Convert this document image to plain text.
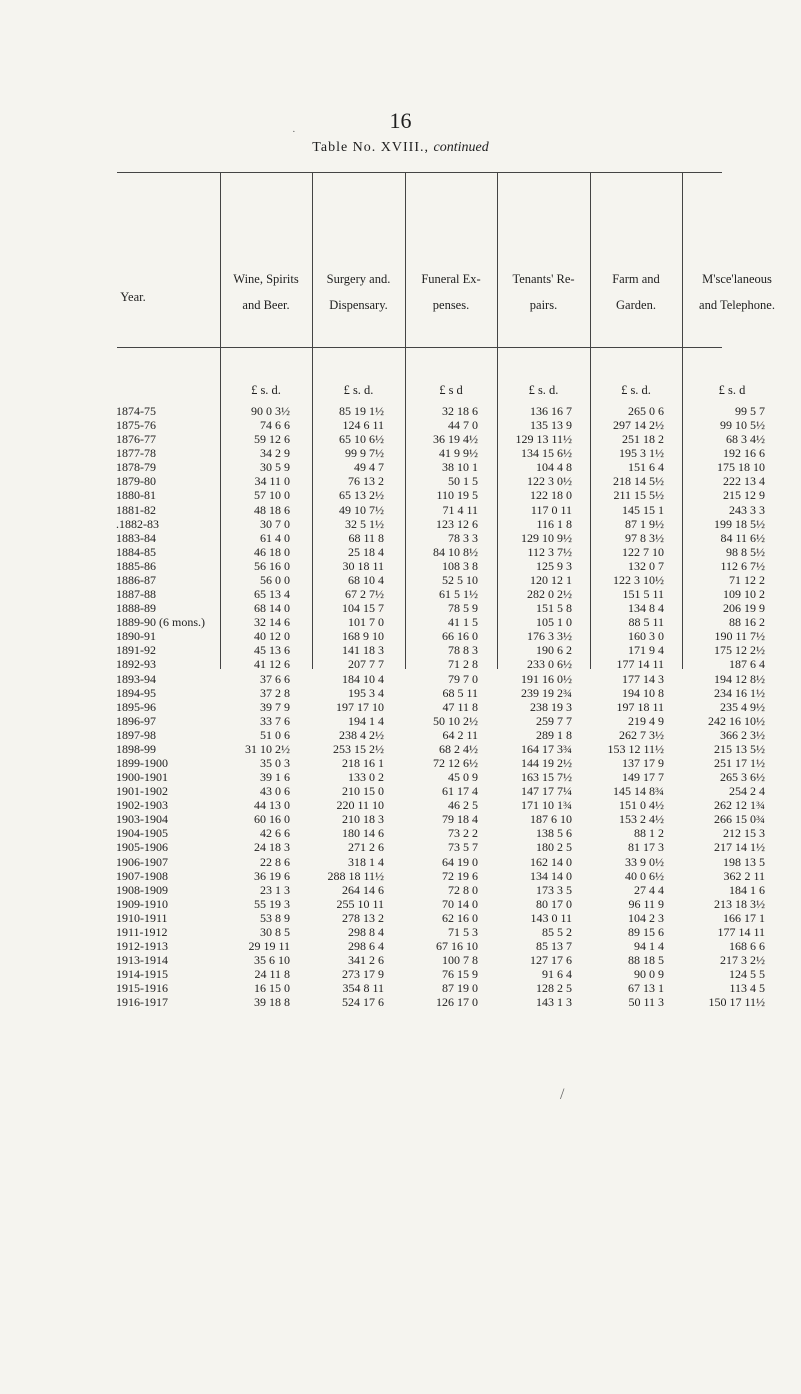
16
Table No. XVIII., continued
Year.
Wine, Spirits
and Beer.
Surgery and.
Dispensary.
Funeral Ex-
penses.
Tenants' Re-
pairs.
Farm and
Garden.
M'sce'laneous
and Telephone.
£ s. d.	£ s. d.	£ s d	£ s. d.	£ s. d.	£ s. d
1874-75	90 0 3½	85 19 1½	32 18 6	136 16 7	265 0 6	99 5 7
1875-76	74 6 6	124 6 11	44 7 0	135 13 9	297 14 2½	99 10 5½
1876-77	59 12 6	65 10 6½	36 19 4½	129 13 11½	251 18 2	68 3 4½
1877-78	34 2 9	99 9 7½	41 9 9½	134 15 6½	195 3 1½	192 16 6
1878-79	30 5 9	49 4 7	38 10 1	104 4 8	151 6 4	175 18 10
1879-80	34 11 0	76 13 2	50 1 5	122 3 0½	218 14 5½	222 13 4
1880-81	57 10 0	65 13 2½	110 19 5	122 18 0	211 15 5½	215 12 9
1881-82	48 18 6	49 10 7½	71 4 11	117 0 11	145 15 1	243 3 3
.1882-83	30 7 0	32 5 1½	123 12 6	116 1 8	87 1 9½	199 18 5½
1883-84	61 4 0	68 11 8	78 3 3	129 10 9½	97 8 3½	84 11 6½
1884-85	46 18 0	25 18 4	84 10 8½	112 3 7½	122 7 10	98 8 5½
1885-86	56 16 0	30 18 11	108 3 8	125 9 3	132 0 7	112 6 7½
1886-87	56 0 0	68 10 4	52 5 10	120 12 1	122 3 10½	71 12 2
1887-88	65 13 4	67 2 7½	61 5 1½	282 0 2½	151 5 11	109 10 2
1888-89	68 14 0	104 15 7	78 5 9	151 5 8	134 8 4	206 19 9
1889-90 (6 mons.)	32 14 6	101 7 0	41 1 5	105 1 0	88 5 11	88 16 2
1890-91	40 12 0	168 9 10	66 16 0	176 3 3½	160 3 0	190 11 7½
1891-92	45 13 6	141 18 3	78 8 3	190 6 2	171 9 4	175 12 2½
1892-93	41 12 6	207 7 7	71 2 8	233 0 6½	177 14 11	187 6 4
1893-94	37 6 6	184 10 4	79 7 0	191 16 0½	177 14 3	194 12 8½
1894-95	37 2 8	195 3 4	68 5 11	239 19 2¾	194 10 8	234 16 1½
1895-96	39 7 9	197 17 10	47 11 8	238 19 3	197 18 11	235 4 9½
1896-97	33 7 6	194 1 4	50 10 2½	259 7 7	219 4 9	242 16 10½
1897-98	51 0 6	238 4 2½	64 2 11	289 1 8	262 7 3½	366 2 3½
1898-99	31 10 2½	253 15 2½	68 2 4½	164 17 3¾	153 12 11½	215 13 5½
1899-1900	35 0 3	218 16 1	72 12 6½	144 19 2½	137 17 9	251 17 1½
1900-1901	39 1 6	133 0 2	45 0 9	163 15 7½	149 17 7	265 3 6½
1901-1902	43 0 6	210 15 0	61 17 4	147 17 7¼	145 14 8¾	254 2 4
1902-1903	44 13 0	220 11 10	46 2 5	171 10 1¾	151 0 4½	262 12 1¾
1903-1904	60 16 0	210 18 3	79 18 4	187 6 10	153 2 4½	266 15 0¾
1904-1905	42 6 6	180 14 6	73 2 2	138 5 6	88 1 2	212 15 3
1905-1906	24 18 3	271 2 6	73 5 7	180 2 5	81 17 3	217 14 1½
1906-1907	22 8 6	318 1 4	64 19 0	162 14 0	33 9 0½	198 13 5
1907-1908	36 19 6	288 18 11½	72 19 6	134 14 0	40 0 6½	362 2 11
1908-1909	23 1 3	264 14 6	72 8 0	173 3 5	27 4 4	184 1 6
1909-1910	55 19 3	255 10 11	70 14 0	80 17 0	96 11 9	213 18 3½
1910-1911	53 8 9	278 13 2	62 16 0	143 0 11	104 2 3	166 17 1
1911-1912	30 8 5	298 8 4	71 5 3	85 5 2	89 15 6	177 14 11
1912-1913	29 19 11	298 6 4	67 16 10	85 13 7	94 1 4	168 6 6
1913-1914	35 6 10	341 2 6	100 7 8	127 17 6	88 18 5	217 3 2½
1914-1915	24 11 8	273 17 9	76 15 9	91 6 4	90 0 9	124 5 5
1915-1916	16 15 0	354 8 11	87 19 0	128 2 5	67 13 1	113 4 5
1916-1917	39 18 8	524 17 6	126 17 0	143 1 3	50 11 3	150 17 11½
·
/
